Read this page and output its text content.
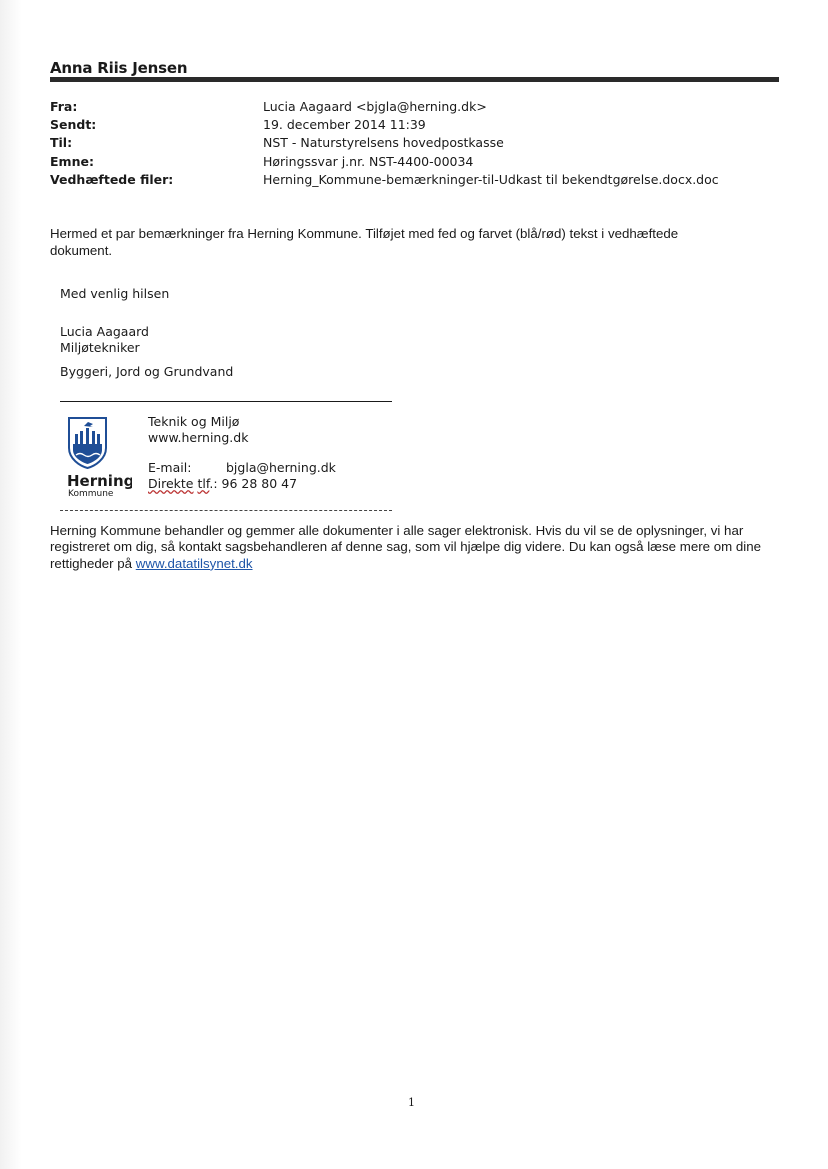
Anna Riis Jensen
Fra:	Lucia Aagaard <bjgla@herning.dk>
Sendt:	19. december 2014 11:39
Til:	NST - Naturstyrelsens hovedpostkasse
Emne:	Høringssvar j.nr. NST-4400-00034
Vedhæftede filer:	Herning_Kommune-bemærkninger-til-Udkast til bekendtgørelse.docx.doc
Hermed et par bemærkninger fra Herning Kommune. Tilføjet med fed og farvet (blå/rød) tekst i vedhæftede dokument.
Med venlig hilsen
Lucia Aagaard
Miljøtekniker
Byggeri, Jord og Grundvand
Herning
Kommune
Teknik og Miljø
www.herning.dk
E-mail:	bjgla@herning.dk
Direkte tlf.: 96 28 80 47
Herning Kommune behandler og gemmer alle dokumenter i alle sager elektronisk. Hvis du vil se de oplysninger, vi har registreret om dig, så kontakt sagsbehandleren af denne sag, som vil hjælpe dig videre. Du kan også læse mere om dine rettigheder på www.datatilsynet.dk
1
